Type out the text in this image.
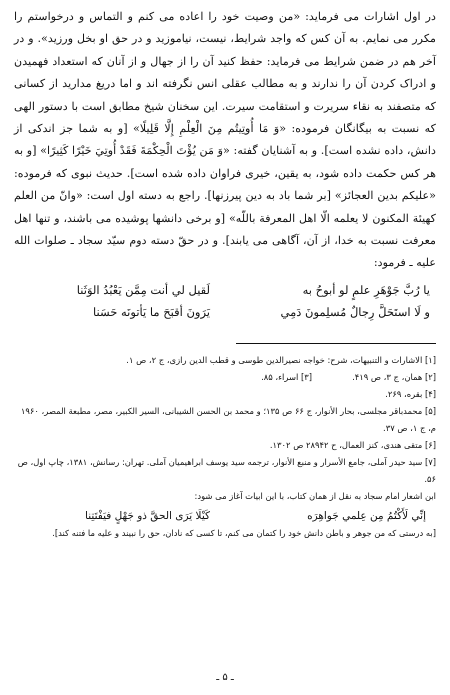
در اول اشارات می فرماید: «من وصیت خود را اعاده می کنم و التماس و درخواستم را مکرر می نمایم. به آن کس که واجد شرایط، نیست، نیاموزید و در حق او بخل ورزید». و در آخر هم در ضمن شرایط می فرماید: حفظ کنید آن را از جهال و از آنان که استعداد فهمیدن و ادراک کردن آن را ندارند و به مطالب عقلی انس نگرفته اند و اما دریغ مدارید از کسانی که متصفند به نقاء سریرت و استقامت سیرت. این سخنان شیخ مطابق است با دستور الهی که نسبت به بیگانگان فرموده: «وَ مَا أُوتِيتُم مِنَ الْعِلْمِ إِلَّا قَلِيلًا» [و به شما جز اندکی از دانش، داده نشده است]. و به آشنایان گفته: «وَ مَن يُؤْتَ الْحِكْمَةَ فَقَدْ أُوتِيَ خَيْرًا كَثِيرًا» [و به هر کس حکمت داده شود، به یقین، خیری فراوان داده شده است]. حدیث نبوی که فرموده: «علیکم بدین العجائز» [بر شما باد به دین پیرزنها]. راجع به دسته اول است: «وانّ من العلم کهیئة المکنون لا یعلمه الّا اهل المعرفة باللّه» [و برخی دانشها پوشیده می باشند، و تنها اهل معرفت نسبت به خدا، از آن، آگاهی می یابند]. و در حقّ دسته دوم سیّد سجاد ـ صلوات الله علیه ـ فرمود:

يا رُبَّ جَوْهَرِ علمٍ لو أبوحُ به
لَقيل لي أنت مِمَّن يَعْبُدُ الوَثَنا
و لَا استَحَلَّ رِجالٌ مُسلِمونَ دَمِي
يَرَونَ أقبَحَ ما يَأتونَه حَسَنا

[۱] الاشارات و التنبیهات، شرح: خواجه نصیرالدین طوسی و قطب الدین رازی، ج ۲، ص ۱.

[۲] همان، ج ۳، ص ۴۱۹.
[۳] اسراء، ۸۵.

[۴] بقره، ۲۶۹.

[۵] محمدباقر مجلسی، بحار الأنوار، ج ۶۶ ص ۱۳۵؛ و محمد بن الحسن الشیبانی، السیر الکبیر، مصر، مطبعة المصر، ۱۹۶۰ م، ج ۱، ص ۳۷.

[۶] متقی هندی، کنز العمال، ح ۲۸۹۴۲ ص ۱۳۰۲.

[۷] سید حیدر آملی، جامع الأسرار و منبع الأنوار، ترجمه سید یوسف ابراهیمیان آملی. تهران: رسانش، ۱۳۸۱، چاپ اول، ص ۵۶.

ابن اشعار امام سجاد به نقل از همان کتاب، با این ابیات آغاز می شود:

إنِّي لَأَكْتُمُ مِن عِلمي جَواهِرَه
كَيْلَا يَرَى الحقَّ ذو جَهْلٍ فيَفْتَتِنا

[به درستی که من جوهر و باطن دانش خود را کتمان می کنم، تا کسی که نادان، حق را نبیند و علیه ما فتنه کند].

ـ ۵ ـ
